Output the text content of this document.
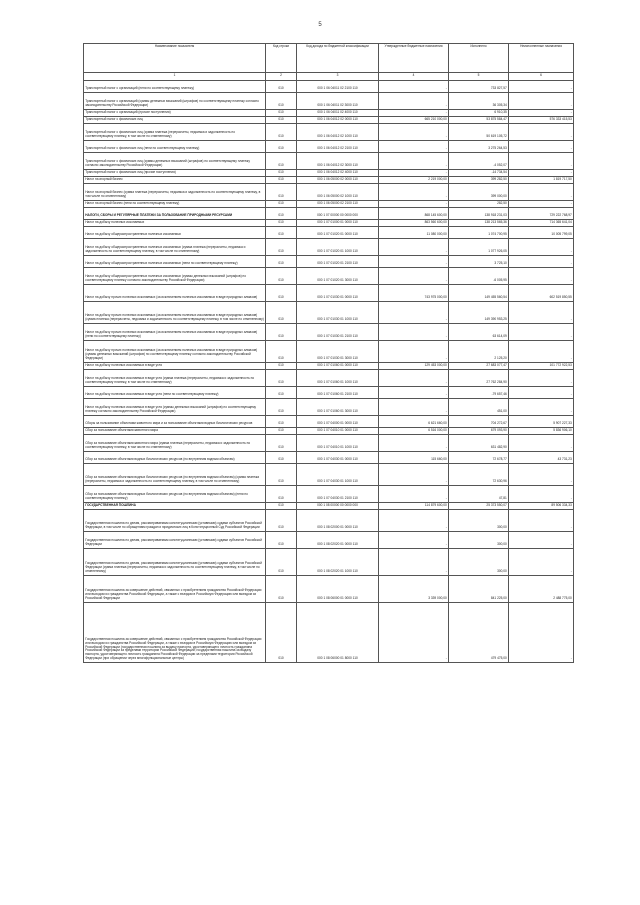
5
Наименование показателя	Код строки	Код дохода по бюджетной классификации	Утвержденные бюджетные назначения	Исполнено	Неисполненные назначения
1	2	3	4	5	6
Транспортный налог с организаций (пени по соответствующему платежу)	010	000 1 06 04011 02 2100 110	-	733 827,57	-
Транспортный налог с организаций (суммы денежных взысканий (штрафов) по соответствующему платежу согласно законодательству Российской Федерации)	010	000 1 06 04011 02 3000 110	-	36 305,34	-
Транспортный налог с организаций (прочие поступления)	010	000 1 06 04011 02 4000 110	-	6 910,35	-
Транспортный налог с физических лиц	010	000 1 06 04012 02 0000 110	665 210 000,00	53 875 584,47	576 333 415,53
Транспортный налог с физических лиц (сумма платежа (перерасчеты, недоимка и задолженность по соответствующему платежу, в том числе по отмененному)	010	000 1 06 04012 02 1000 110	-	50 619 105,72	-
Транспортный налог с физических лиц (пени по соответствующему платежу)	010	000 1 06 04012 02 2100 110	-	3 275 264,53	-
Транспортный налог с физических лиц (суммы денежных взысканий (штрафов) по соответствующему платежу согласно законодательству Российской Федерации)	010	000 1 06 04012 02 3000 110	-	-4 052,07	-
Транспортный налог с физических лиц (прочие поступления)	010	000 1 06 04012 02 4000 110	-	-14 734,54	-
Налог на игорный бизнес	010	000 1 06 05000 02 0000 110	2 219 000,00	399 282,50	1 819 717,50
Налог на игорный бизнес (сумма платежа (перерасчеты, недоимка и задолженность по соответствующему платежу, в том числе по отмененному)	010	000 1 06 05000 02 1000 110	-	399 000,00	-
Налог на игорный бизнес (пени по соответствующему платежу)	010	000 1 06 05000 02 2100 110	-	282,50	-
НАЛОГИ, СБОРЫ И РЕГУЛЯРНЫЕ ПЛАТЕЖИ ЗА ПОЛЬЗОВАНИЕ ПРИРОДНЫМИ РЕСУРСАМИ	010	000 1 07 00000 00 0000 000	868 145 600,00	138 918 231,03	729 222 768,97
Налог на добычу полезных ископаемых	010	000 1 07 01000 01 0000 110	863 560 600,00	138 213 565,36	714 365 641,04
Налог на добычу общераспространенных полезных ископаемых	010	000 1 07 01020 01 0000 110	11 080 000,00	1 074 700,95	10 005 799,05
Налог на добычу общераспространенных полезных ископаемых (сумма платежа (перерасчеты, недоимка и задолженность по соответствующему платежу, в том числе по отмененному)	010	000 1 07 01020 01 1000 110	-	1 077 926,05	-
Налог на добычу общераспространенных полезных ископаемых (пени по соответствующему платежу)	010	000 1 07 01020 01 2100 110	-	3 725,10	-
Налог на добычу общераспространенных полезных ископаемых (суммы денежных взысканий (штрафов) по соответствующему платежу согласно законодательству Российской Федерации)	010	000 1 07 01020 01 3000 110	-	-6 005,95	-
Налог на добычу прочих полезных ископаемых (за исключением полезных ископаемых в виде природных алмазов)	010	000 1 07 01030 01 0000 110	743 975 000,00	149 455 560,54	602 519 850,55
Налог на добычу прочих полезных ископаемых (за исключением полезных ископаемых в виде природных алмазов) (сумма платежа (перерасчеты, недоимка и задолженность по соответствующему платежу, в том числе по отмененному)	010	000 1 07 01030 01 1000 110	-	149 390 953,25	-
Налог на добычу прочих полезных ископаемых (за исключением полезных ископаемых в виде природных алмазов) (пени по соответствующему платежу)	010	000 1 07 01030 01 2100 110	-	63 614,09	-
Налог на добычу прочих полезных ископаемых (за исключением полезных ископаемых в виде природных алмазов) (суммы денежных взысканий (штрафов) по соответствующему платежу согласно законодательству Российской Федерации)	010	000 1 07 01030 01 3000 110	-	2 125,20	-
Налог на добычу полезных ископаемых в виде угля	010	000 1 07 01060 01 0000 110	129 453 000,00	27 683 077,47	101 772 922,53
Налог на добычу полезных ископаемых в виде угля (сумма платежа (перерасчеты, недоимка и задолженность по соответствующему платежу, в том числе по отмененному)	010	000 1 07 01060 01 1000 110	-	27 762 284,90	-
Налог на добычу полезных ископаемых в виде угля (пени по соответствующему платежу)	010	000 1 07 01060 01 2100 110	-	-79 657,46	-
Налог на добычу полезных ископаемых в виде угля (суммы денежных взысканий (штрафов) по соответствующему платежу согласно законодательству Российской Федерации)	010	000 1 07 01060 01 3000 110	-	451,00	-
Сборы за пользование объектами животного мира и за пользование объектами водных биологических ресурсов	010	000 1 07 04000 01 0000 110	6 621 660,00	704 272,67	5 907 227,33
Сбор за пользование объектами животного мира	010	000 1 07 04010 01 0000 110	6 516 000,00	679 093,90	5 836 906,10
Сбор за пользование объектами животного мира (сумма платежа (перерасчеты, недоимка и задолженность по соответствующему платежу, в том числе по отмененному)	010	000 1 07 04010 01 1000 110	-	631 482,90	-
Сбор за пользование объектами водных биологических ресурсов (по внутренним водным объектам)	010	000 1 07 04030 01 0000 110	115 660,00	72 678,77	43 731,23
Сбор за пользование объектами водных биологических ресурсов (по внутренним водным объектам) (сумма платежа (перерасчеты, недоимка и задолженность по соответствующему платежу, в том числе по отмененному)	010	000 1 07 04030 01 1000 110	-	72 630,96	-
Сбор за пользование объектами водных биологических ресурсов (по внутренним водным объектам) (пени по соответствующему платежу)	010	000 1 07 04030 01 2100 110	-	47,81	-
ГОСУДАРСТВЕННАЯ ПОШЛИНА	010	000 1 08 00000 00 0000 000	114 879 600,00	25 373 550,07	89 506 334,33
Государственная пошлина по делам, рассматриваемым конституционными (уставными) судами субъектов Российской Федерации, в том числе по обращениям граждан и юридических лиц в Конституционный Суд Российской Федерации	010	000 1 08 02000 01 0000 110	-	300,00	-
Государственная пошлина по делам, рассматриваемым конституционными (уставными) судами субъектов Российской Федерации	010	000 1 08 02020 01 0000 110	-	300,00	-
Государственная пошлина по делам, рассматриваемым конституционными (уставными) судами субъектов Российской Федерации (сумма платежа (перерасчеты, недоимка и задолженность по соответствующему платежу, в том числе по отмененному)	010	000 1 08 02020 01 1000 110	-	300,00	-
Государственная пошлина за совершение действий, связанных с приобретением гражданства Российской Федерации или выходом из гражданства Российской Федерации, а также с въездом в Российскую Федерацию или выездом из Российской Федерации	010	000 1 08 06000 01 0000 110	3 339 000,00	841 225,00	2 488 775,00
Государственная пошлина за совершение действий, связанных с приобретением гражданства Российской Федерации или выходом из гражданства Российской Федерации, а также с въездом в Российскую Федерацию или выездом из Российской Федерации (государственная пошлина за выдачу паспорта, удостоверяющего личность гражданина Российской Федерации за пределами территории Российской Федерации; государственная пошлина за выдачу паспорта, удостоверяющего личность гражданина Российской Федерации за пределами территории Российской Федерации (при обращении через многофункциональные центры)	010	000 1 08 06000 01 8000 110	-	479 475,00	-
